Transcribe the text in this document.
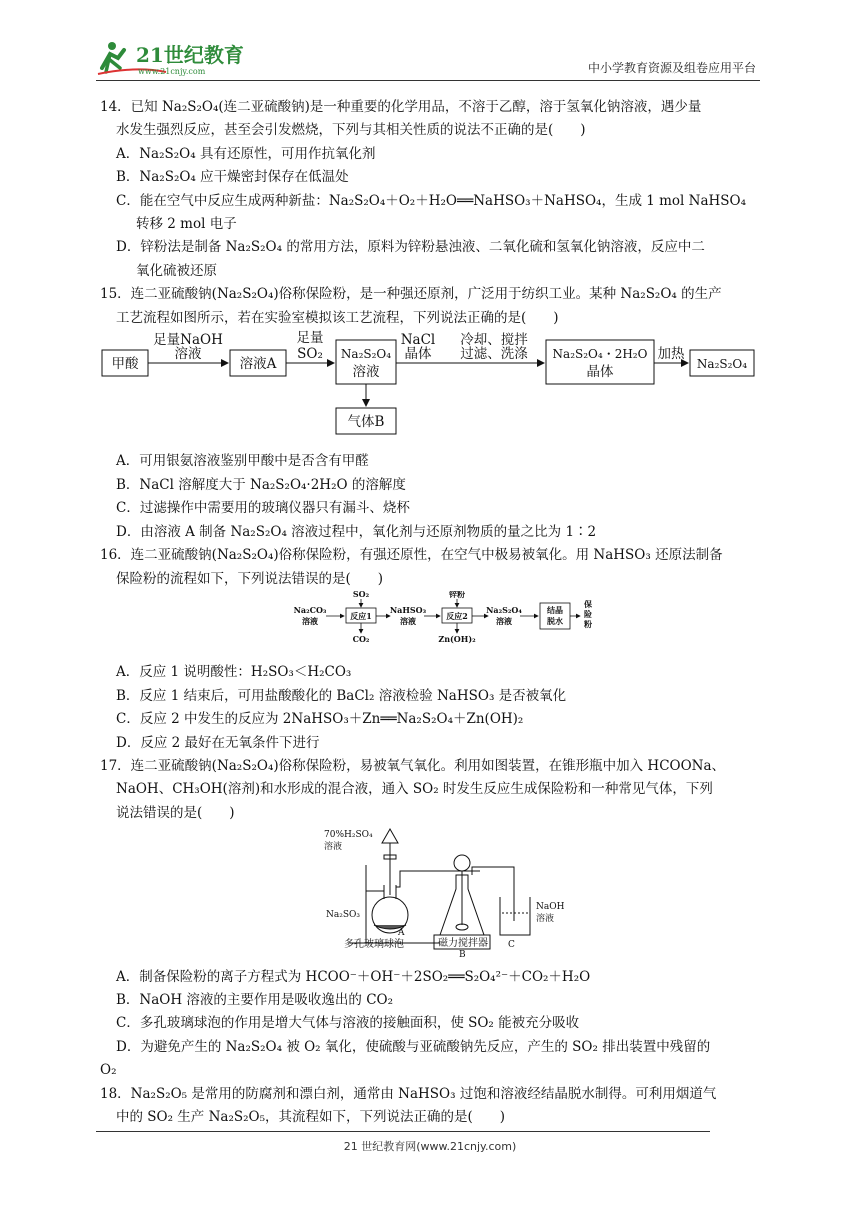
21世纪教育
www.21cnjy.com	中小学教育资源及组卷应用平台

14．已知 Na₂S₂O₄(连二亚硫酸钠)是一种重要的化学用品，不溶于乙醇，溶于氢氧化钠溶液，遇少量

水发生强烈反应，甚至会引发燃烧，下列与其相关性质的说法不正确的是(　　)

A．Na₂S₂O₄ 具有还原性，可用作抗氧化剂

B．Na₂S₂O₄ 应干燥密封保存在低温处

C．能在空气中反应生成两种新盐：Na₂S₂O₄＋O₂＋H₂O══NaHSO₃＋NaHSO₄，生成 1 mol NaHSO₄

转移 2 mol 电子

D．锌粉法是制备 Na₂S₂O₄ 的常用方法，原料为锌粉悬浊液、二氧化硫和氢氧化钠溶液，反应中二

氧化硫被还原

15．连二亚硫酸钠(Na₂S₂O₄)俗称保险粉，是一种强还原剂，广泛用于纺织工业。某种 Na₂S₂O₄ 的生产

工艺流程如图所示，若在实验室模拟该工艺流程，下列说法正确的是(　　)

甲酸
足量NaOH
溶液
溶液A
足量
SO₂ Na₂S₂O₄
溶液
NaCl
晶体
冷却、搅拌
过滤、洗涤 Na₂S₂O₄・2H₂O
晶体
加热
Na₂S₂O₄
气体B

A．可用银氨溶液鉴别甲酸中是否含有甲醛

B．NaCl 溶解度大于 Na₂S₂O₄·2H₂O 的溶解度

C．过滤操作中需要用的玻璃仪器只有漏斗、烧杯

D．由溶液 A 制备 Na₂S₂O₄ 溶液过程中，氧化剂与还原剂物质的量之比为 1∶2

16．连二亚硫酸钠(Na₂S₂O₄)俗称保险粉，有强还原性，在空气中极易被氧化。用 NaHSO₃ 还原法制备

保险粉的流程如下，下列说法错误的是(　　)

Na₂CO₃
溶液
SO₂
反应1
CO₂
NaHSO₃
溶液
锌粉
反应2
Zn(OH)₂
Na₂S₂O₄
溶液
结晶
脱水
保
险
粉

A．反应 1 说明酸性：H₂SO₃＜H₂CO₃

B．反应 1 结束后，可用盐酸酸化的 BaCl₂ 溶液检验 NaHSO₃ 是否被氧化

C．反应 2 中发生的反应为 2NaHSO₃＋Zn══Na₂S₂O₄＋Zn(OH)₂

D．反应 2 最好在无氧条件下进行

17．连二亚硫酸钠(Na₂S₂O₄)俗称保险粉，易被氧气氧化。利用如图装置，在锥形瓶中加入 HCOONa、

NaOH、CH₃OH(溶剂)和水形成的混合液，通入 SO₂ 时发生反应生成保险粉和一种常见气体，下列

说法错误的是(　　)

70%H₂SO₄
溶液
Na₂SO₃
A
多孔玻璃球泡	磁力搅拌器
B
C
NaOH
溶液

A．制备保险粉的离子方程式为 HCOO⁻＋OH⁻＋2SO₂══S₂O₄²⁻＋CO₂＋H₂O

B．NaOH 溶液的主要作用是吸收逸出的 CO₂

C．多孔玻璃球泡的作用是增大气体与溶液的接触面积，使 SO₂ 能被充分吸收

D．为避免产生的 Na₂S₂O₄ 被 O₂ 氧化，使硫酸与亚硫酸钠先反应，产生的 SO₂ 排出装置中残留的

O₂

18．Na₂S₂O₅ 是常用的防腐剂和漂白剂，通常由 NaHSO₃ 过饱和溶液经结晶脱水制得。可利用烟道气

中的 SO₂ 生产 Na₂S₂O₅，其流程如下，下列说法正确的是(　　)

21 世纪教育网(www.21cnjy.com)
